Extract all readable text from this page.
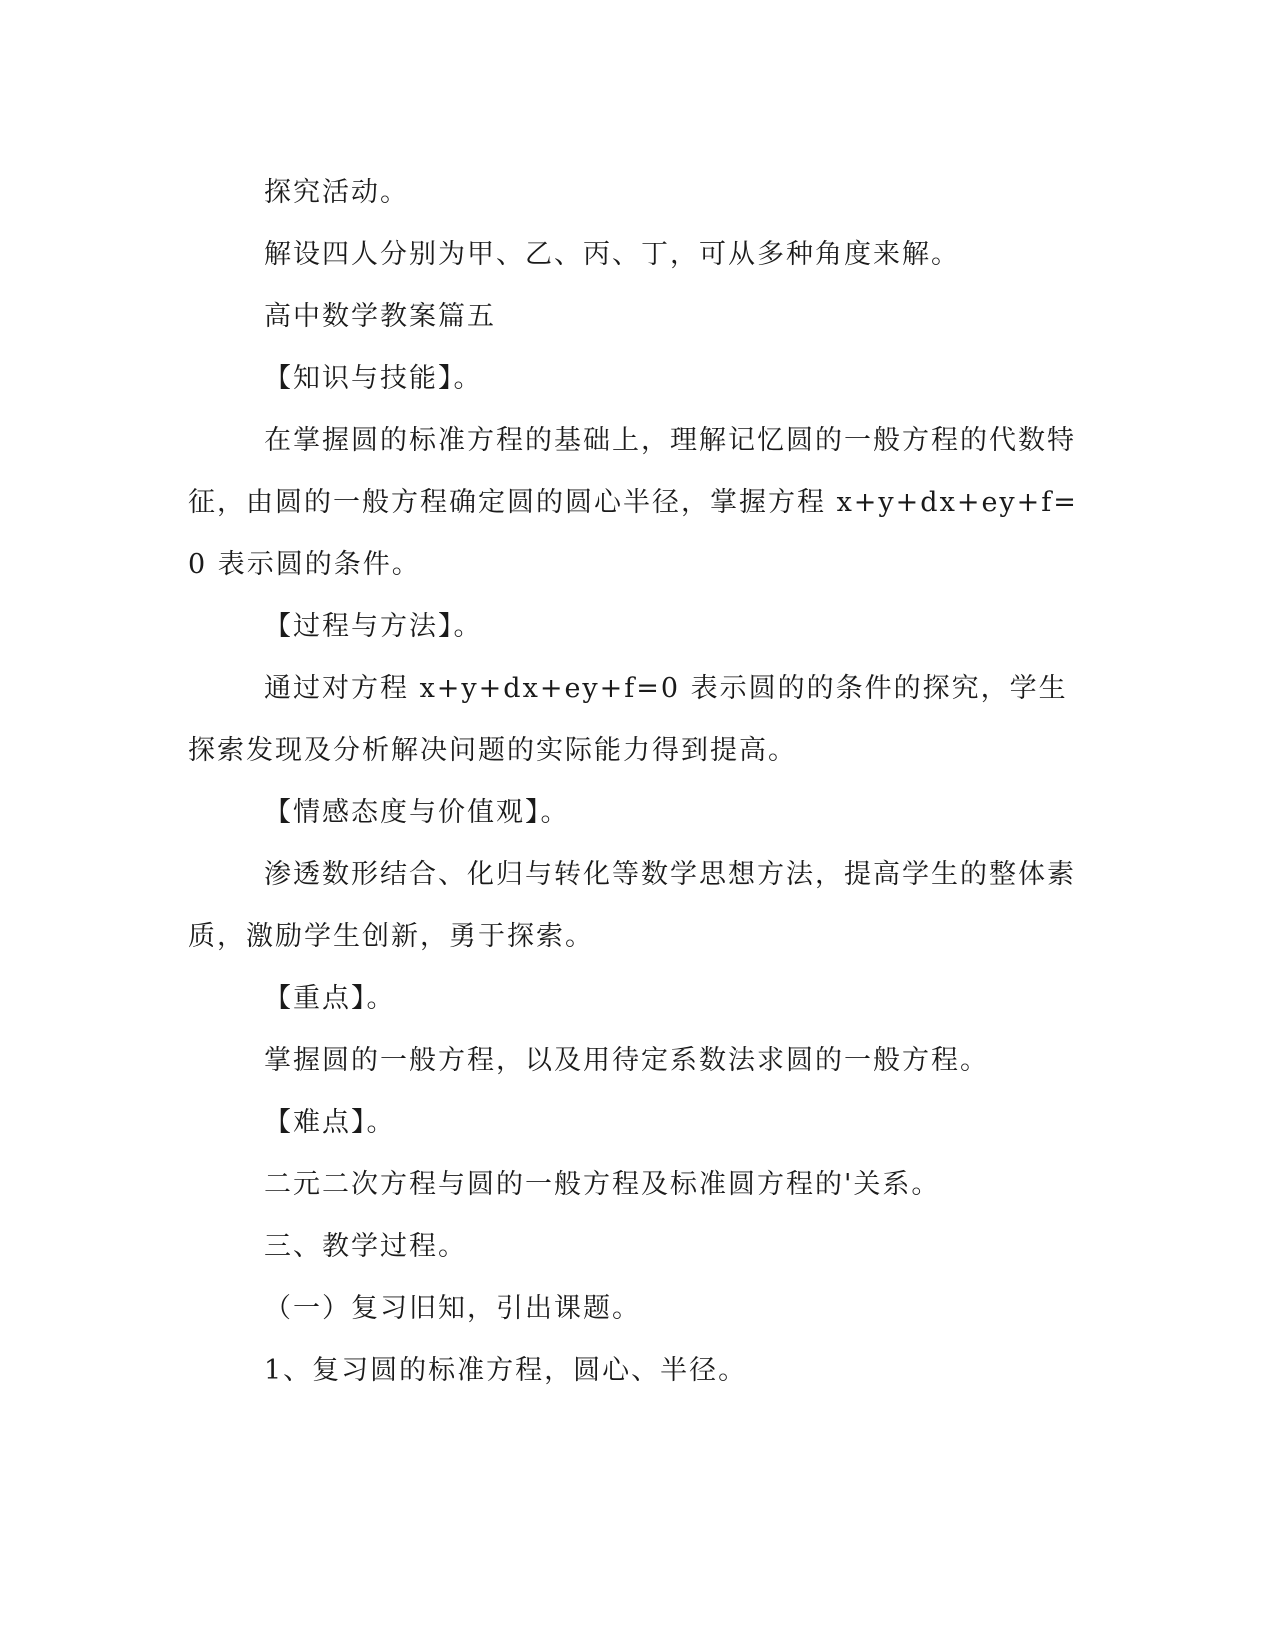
探究活动。

解设四人分别为甲、乙、丙、丁，可从多种角度来解。

高中数学教案篇五

【知识与技能】。

在掌握圆的标准方程的基础上，理解记忆圆的一般方程的代数特征，由圆的一般方程确定圆的圆心半径，掌握方程 x+y+dx+ey+f=0 表示圆的条件。

【过程与方法】。

通过对方程 x+y+dx+ey+f=0 表示圆的的条件的探究，学生探索发现及分析解决问题的实际能力得到提高。

【情感态度与价值观】。

渗透数形结合、化归与转化等数学思想方法，提高学生的整体素质，激励学生创新，勇于探索。

【重点】。

掌握圆的一般方程，以及用待定系数法求圆的一般方程。

【难点】。

二元二次方程与圆的一般方程及标准圆方程的'关系。

三、教学过程。

（一）复习旧知，引出课题。

1、复习圆的标准方程，圆心、半径。
